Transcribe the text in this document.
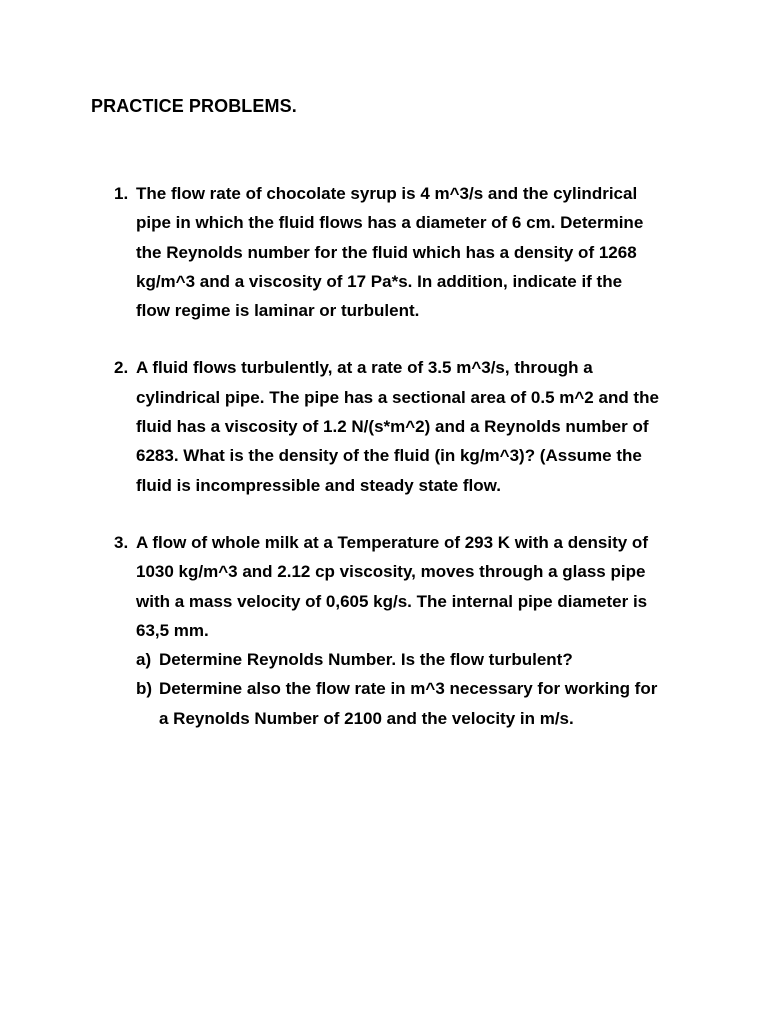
PRACTICE PROBLEMS.
1. The flow rate of chocolate syrup is 4 m^3/s and the cylindrical
pipe in which the fluid flows has a diameter of 6 cm. Determine
the Reynolds number for the fluid which has a density of 1268
kg/m^3 and a viscosity of 17 Pa*s. In addition, indicate if the
flow regime is laminar or turbulent.
2. A fluid flows turbulently, at a rate of 3.5 m^3/s, through a
cylindrical pipe. The pipe has a sectional area of 0.5 m^2 and the
fluid has a viscosity of 1.2 N/(s*m^2) and a Reynolds number of
6283. What is the density of the fluid (in kg/m^3)? (Assume the
fluid is incompressible and steady state flow.
3. A flow of whole milk at a Temperature of 293 K with a density of
1030 kg/m^3 and 2.12 cp viscosity, moves through a glass pipe
with a mass velocity of 0,605 kg/s. The internal pipe diameter is
63,5 mm.
a) Determine Reynolds Number. Is the flow turbulent?
b) Determine also the flow rate in m^3 necessary for working for
a Reynolds Number of 2100 and the velocity in m/s.
